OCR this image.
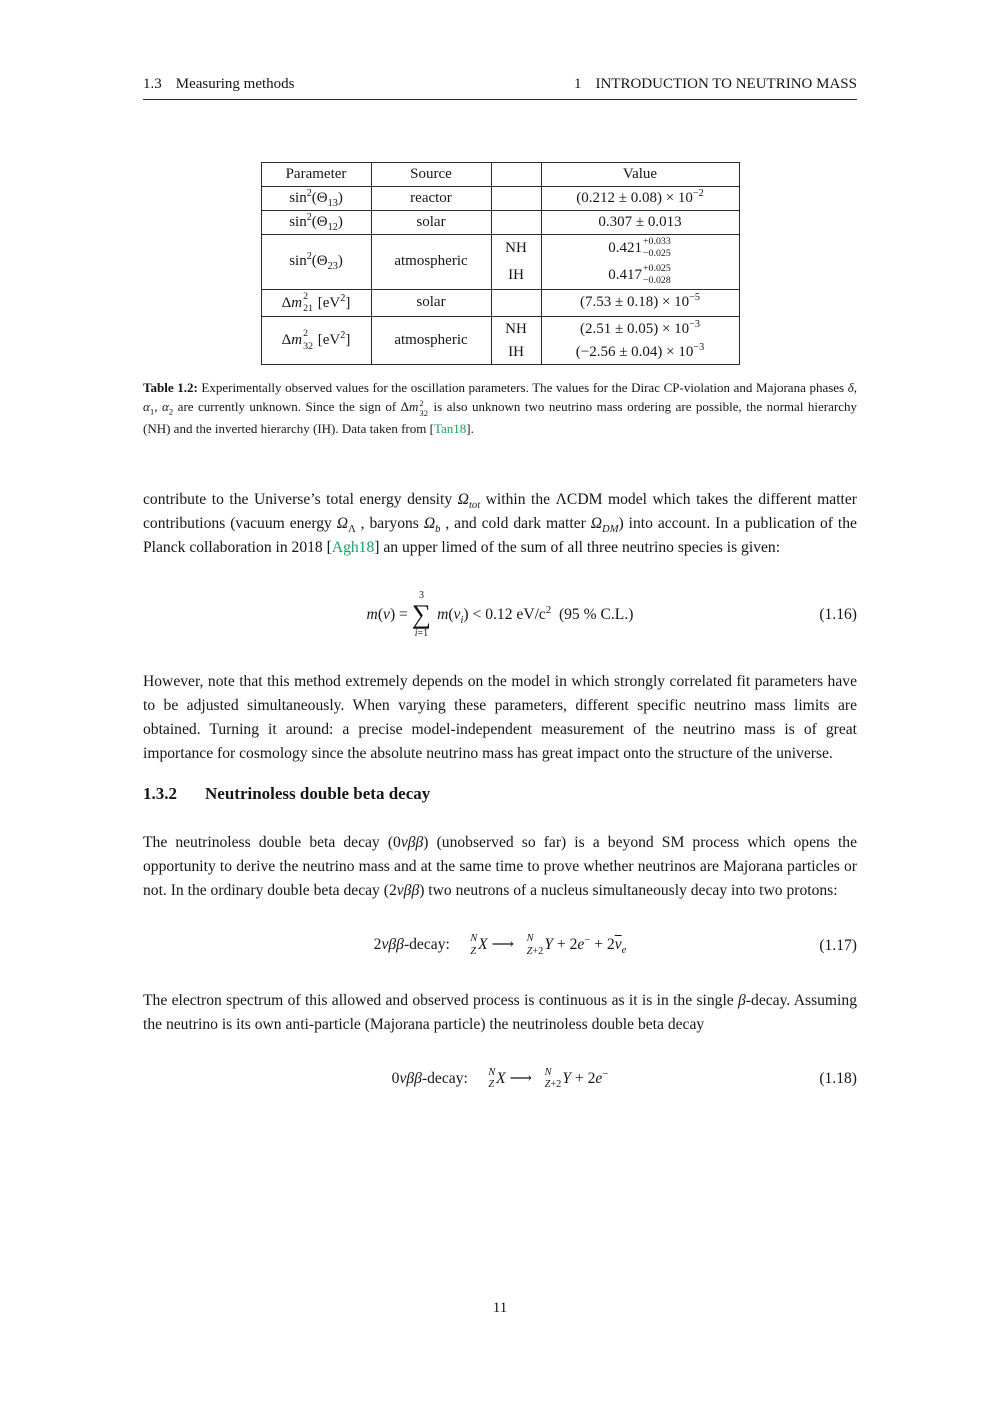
1.3 Measuring methods	1 INTRODUCTION TO NEUTRINO MASS
Parameter	Source		Value
$\sin^2(\Theta_{13})$	reactor		$(0.212 \pm 0.08) \times 10^{-2}$
$\sin^2(\Theta_{12})$	solar		0.307 ± 0.013
$\sin^2(\Theta_{23})$	atmospheric	NH	0.421 +0.033
−0.025

		IH	0.417 +0.025
−0.028

Δm 2
21 $[eV^2]$	solar		$(7.53 \pm 0.18) \times 10^{-5}$
Δm 2
32 $[eV^2]$	atmospheric	NH	$(2.51 \pm 0.05) \times 10^{-3}$
		IH	$(-2.56 \pm 0.04) \times 10^{-3}$
Table 1.2: Experimentally observed values for the oscillation parameters. The values for the Dirac CP-violation and Majorana phases δ, $\alpha_1$, $\alpha_2$ are currently unknown. Since the sign of Δm 2
32 is also unknown two neutrino mass ordering are possible, the normal hierarchy (NH) and the inverted hierarchy (IH). Data taken from [Tan18].

contribute to the Universe’s total energy density $\Omega_{tot}$ within the ΛCDM model which takes the different matter contributions (vacuum energy $\Omega_\Lambda$ , baryons $\Omega_b$ , and cold dark matter $\Omega_{DM}$) into account. In a publication of the Planck collaboration in 2018 [Agh18] an upper limed of the sum of all three neutrino species is given:

m(ν) =
3
∑
i=1
$m(\nu_i) < 0.12$ $eV/c^2$ (95 % C.L.)	(1.16)

However, note that this method extremely depends on the model in which strongly correlated fit parameters have to be adjusted simultaneously. When varying these parameters, different specific neutrino mass limits are obtained. Turning it around: a precise model-independent measurement of the neutrino mass is of great importance for cosmology since the absolute neutrino mass has great impact onto the structure of the universe.

1.3.2 Neutrinoless double beta decay

The neutrinoless double beta decay (0νββ) (unobserved so far) is a beyond SM process which opens the opportunity to derive the neutrino mass and at the same time to prove whether neutrinos are Majorana particles or not. In the ordinary double beta decay (2νββ) two neutrons of a nucleus simultaneously decay into two protons:

2νββ-decay:   N
Z X ⟶   N
Z+2 $Y + 2e^- + 2\overline{\nu}_e$	(1.17)

The electron spectrum of this allowed and observed process is continuous as it is in the single β-decay. Assuming the neutrino is its own anti-particle (Majorana particle) the neutrinoless double beta decay

0νββ-decay:   N
Z X ⟶   N
Z+2 Y + 2e−	(1.18)
11
